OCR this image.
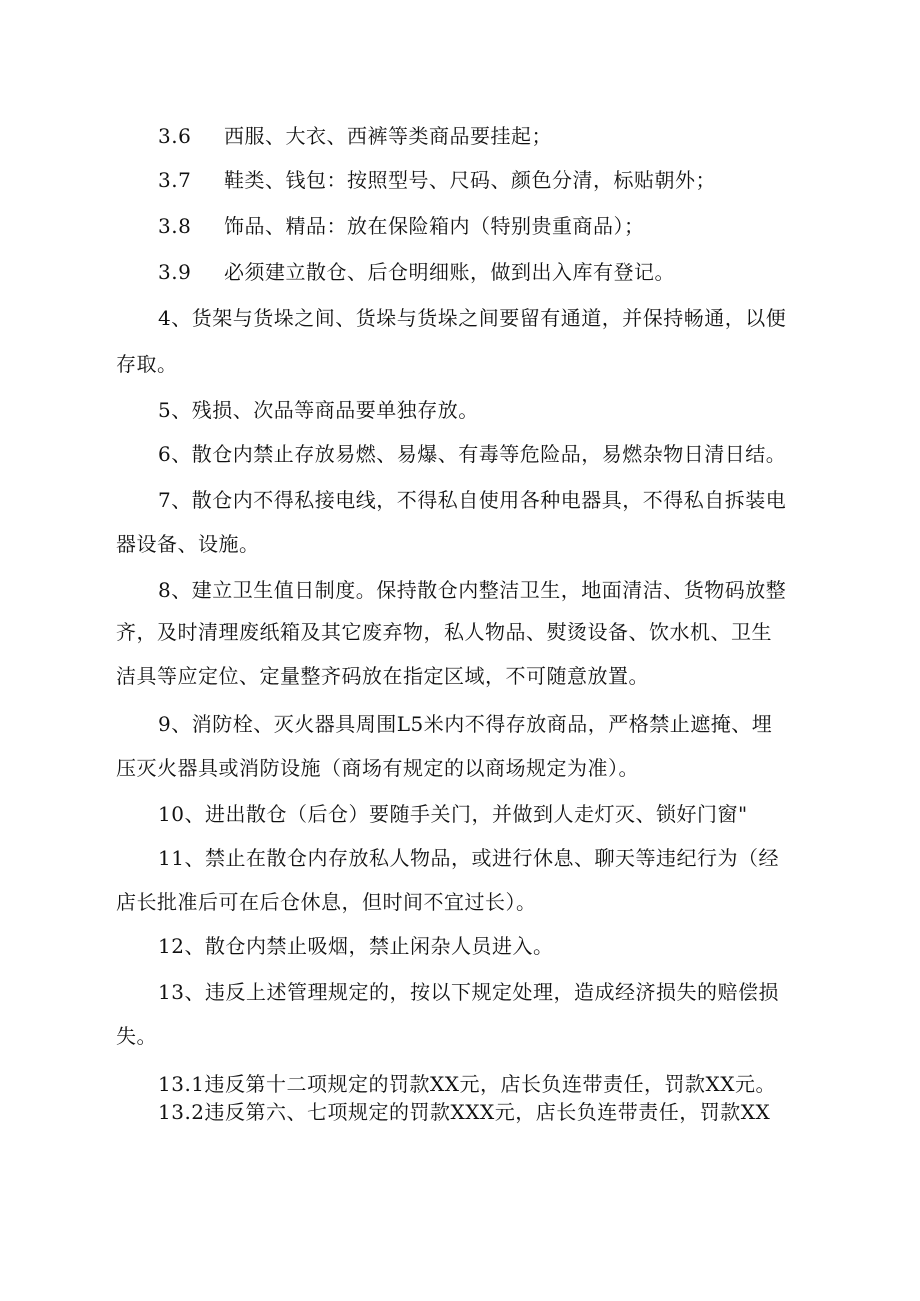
3.6 西服、大衣、西裤等类商品要挂起；
3.7 鞋类、钱包：按照型号、尺码、颜色分清，标贴朝外；
3.8 饰品、精品：放在保险箱内（特别贵重商品）；
3.9 必须建立散仓、后仓明细账，做到出入库有登记。
4、货架与货垛之间、货垛与货垛之间要留有通道，并保持畅通，以便
存取。
5、残损、次品等商品要单独存放。
6、散仓内禁止存放易燃、易爆、有毒等危险品，易燃杂物日清日结。
7、散仓内不得私接电线，不得私自使用各种电器具，不得私自拆装电
器设备、设施。
8、建立卫生值日制度。保持散仓内整洁卫生，地面清洁、货物码放整
齐，及时清理废纸箱及其它废弃物，私人物品、熨烫设备、饮水机、卫生
洁具等应定位、定量整齐码放在指定区域，不可随意放置。
9、消防栓、灭火器具周围L5米内不得存放商品，严格禁止遮掩、埋
压灭火器具或消防设施（商场有规定的以商场规定为准）。
10、进出散仓（后仓）要随手关门，并做到人走灯灭、锁好门窗"
11、禁止在散仓内存放私人物品，或进行休息、聊天等违纪行为（经
店长批准后可在后仓休息，但时间不宜过长）。
12、散仓内禁止吸烟，禁止闲杂人员进入。
13、违反上述管理规定的，按以下规定处理，造成经济损失的赔偿损
失。
13.1违反第十二项规定的罚款XX元，店长负连带责任，罚款XX元。
13.2违反第六、七项规定的罚款XXX元，店长负连带责任，罚款XX
